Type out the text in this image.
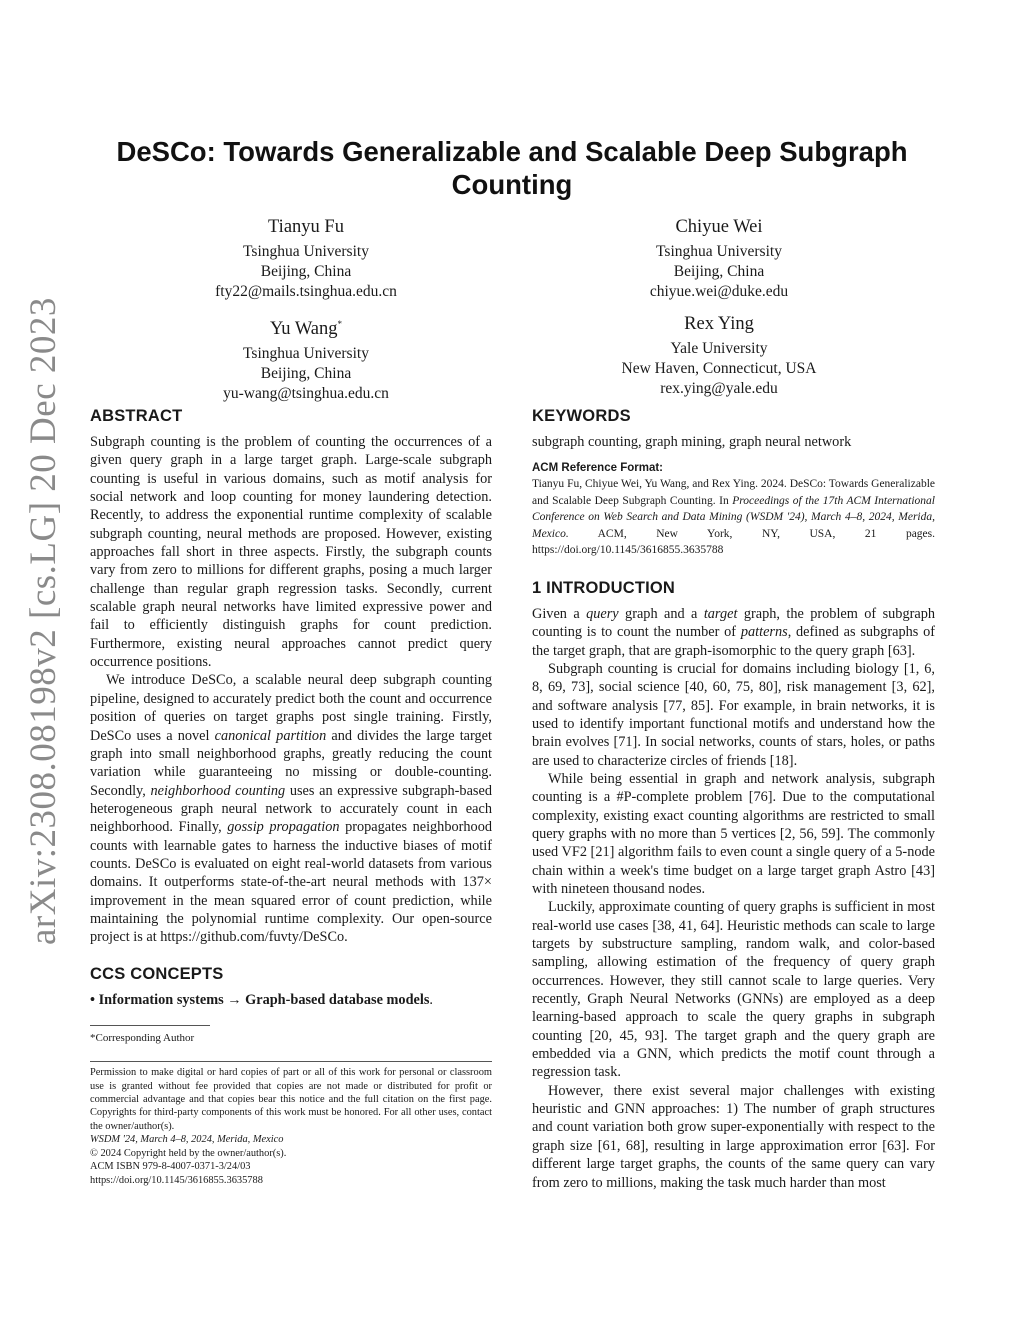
arXiv:2308.08198v2 [cs.LG] 20 Dec 2023
DeSCo: Towards Generalizable and Scalable Deep Subgraph Counting
Tianyu Fu
Tsinghua University
Beijing, China
fty22@mails.tsinghua.edu.cn
Chiyue Wei
Tsinghua University
Beijing, China
chiyue.wei@duke.edu
Yu Wang*
Tsinghua University
Beijing, China
yu-wang@tsinghua.edu.cn
Rex Ying
Yale University
New Haven, Connecticut, USA
rex.ying@yale.edu
ABSTRACT

Subgraph counting is the problem of counting the occurrences of a given query graph in a large target graph. Large-scale subgraph counting is useful in various domains, such as motif analysis for social network and loop counting for money laundering detection. Recently, to address the exponential runtime complexity of scalable subgraph counting, neural methods are proposed. However, existing approaches fall short in three aspects. Firstly, the subgraph counts vary from zero to millions for different graphs, posing a much larger challenge than regular graph regression tasks. Secondly, current scalable graph neural networks have limited expressive power and fail to efficiently distinguish graphs for count prediction. Furthermore, existing neural approaches cannot predict query occurrence positions.

We introduce DeSCo, a scalable neural deep subgraph counting pipeline, designed to accurately predict both the count and occurrence position of queries on target graphs post single training. Firstly, DeSCo uses a novel canonical partition and divides the large target graph into small neighborhood graphs, greatly reducing the count variation while guaranteeing no missing or double-counting. Secondly, neighborhood counting uses an expressive subgraph-based heterogeneous graph neural network to accurately count in each neighborhood. Finally, gossip propagation propagates neighborhood counts with learnable gates to harness the inductive biases of motif counts. DeSCo is evaluated on eight real-world datasets from various domains. It outperforms state-of-the-art neural methods with 137× improvement in the mean squared error of count prediction, while maintaining the polynomial runtime complexity. Our open-source project is at https://github.com/fuvty/DeSCo.

CCS CONCEPTS

• Information systems → Graph-based database models.

*Corresponding Author
Permission to make digital or hard copies of part or all of this work for personal or classroom use is granted without fee provided that copies are not made or distributed for profit or commercial advantage and that copies bear this notice and the full citation on the first page. Copyrights for third-party components of this work must be honored. For all other uses, contact the owner/author(s).
WSDM '24, March 4–8, 2024, Merida, Mexico
© 2024 Copyright held by the owner/author(s).
ACM ISBN 979-8-4007-0371-3/24/03
https://doi.org/10.1145/3616855.3635788
KEYWORDS

subgraph counting, graph mining, graph neural network

ACM Reference Format:
Tianyu Fu, Chiyue Wei, Yu Wang, and Rex Ying. 2024. DeSCo: Towards Generalizable and Scalable Deep Subgraph Counting. In Proceedings of the 17th ACM International Conference on Web Search and Data Mining (WSDM '24), March 4–8, 2024, Merida, Mexico. ACM, New York, NY, USA, 21 pages. https://doi.org/10.1145/3616855.3635788
1 INTRODUCTION

Given a query graph and a target graph, the problem of subgraph counting is to count the number of patterns, defined as subgraphs of the target graph, that are graph-isomorphic to the query graph [63].

Subgraph counting is crucial for domains including biology [1, 6, 8, 69, 73], social science [40, 60, 75, 80], risk management [3, 62], and software analysis [77, 85]. For example, in brain networks, it is used to identify important functional motifs and understand how the brain evolves [71]. In social networks, counts of stars, holes, or paths are used to characterize circles of friends [18].

While being essential in graph and network analysis, subgraph counting is a #P-complete problem [76]. Due to the computational complexity, existing exact counting algorithms are restricted to small query graphs with no more than 5 vertices [2, 56, 59]. The commonly used VF2 [21] algorithm fails to even count a single query of a 5-node chain within a week's time budget on a large target graph Astro [43] with nineteen thousand nodes.

Luckily, approximate counting of query graphs is sufficient in most real-world use cases [38, 41, 64]. Heuristic methods can scale to large targets by substructure sampling, random walk, and color-based sampling, allowing estimation of the frequency of query graph occurrences. However, they still cannot scale to large queries. Very recently, Graph Neural Networks (GNNs) are employed as a deep learning-based approach to scale the query graphs in subgraph counting [20, 45, 93]. The target graph and the query graph are embedded via a GNN, which predicts the motif count through a regression task.

However, there exist several major challenges with existing heuristic and GNN approaches: 1) The number of graph structures and count variation both grow super-exponentially with respect to the graph size [61, 68], resulting in large approximation error [63]. For different large target graphs, the counts of the same query can vary from zero to millions, making the task much harder than most
